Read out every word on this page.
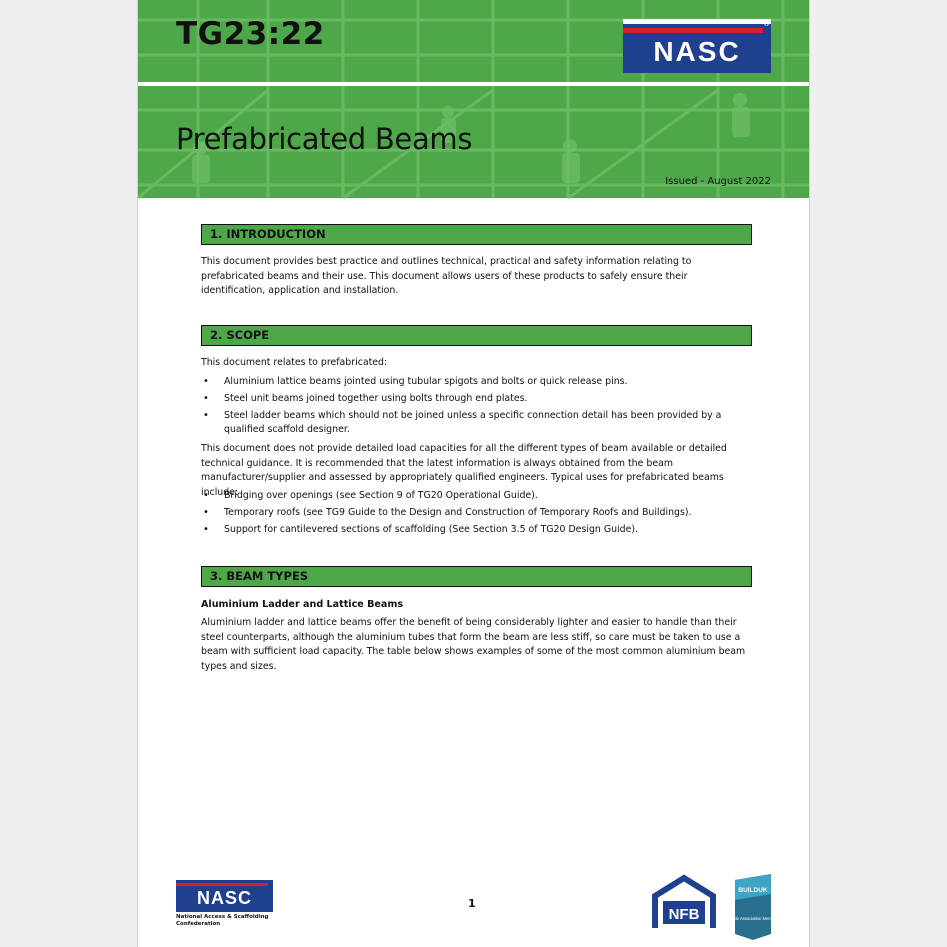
TG23:22
Prefabricated Beams
Issued - August 2022
®
NASC
1. INTRODUCTION
This document provides best practice and outlines technical, practical and safety information relating to prefabricated beams and their use. This document allows users of these products to safely ensure their identification, application and installation.
2. SCOPE
This document relates to prefabricated:
• Aluminium lattice beams jointed using tubular spigots and bolts or quick release pins.
• Steel unit beams joined together using bolts through end plates.
• Steel ladder beams which should not be joined unless a specific connection detail has been provided by a qualified scaffold designer.
This document does not provide detailed load capacities for all the different types of beam available or detailed technical guidance. It is recommended that the latest information is always obtained from the beam manufacturer/supplier and assessed by appropriately qualified engineers. Typical uses for prefabricated beams include:
• Bridging over openings (see Section 9 of TG20 Operational Guide).
• Temporary roofs (see TG9 Guide to the Design and Construction of Temporary Roofs and Buildings).
• Support for cantilevered sections of scaffolding (See Section 3.5 of TG20 Design Guide).
3. BEAM TYPES
Aluminium Ladder and Lattice Beams
Aluminium ladder and lattice beams offer the benefit of being considerably lighter and easier to handle than their steel counterparts, although the aluminium tubes that form the beam are less stiff, so care must be taken to use a beam with sufficient load capacity. The table below shows examples of some of the most common aluminium beam types and sizes.
NASC
National Access & Scaffolding Confederation
1
NFB
BUILDUK
Trade Association Member
